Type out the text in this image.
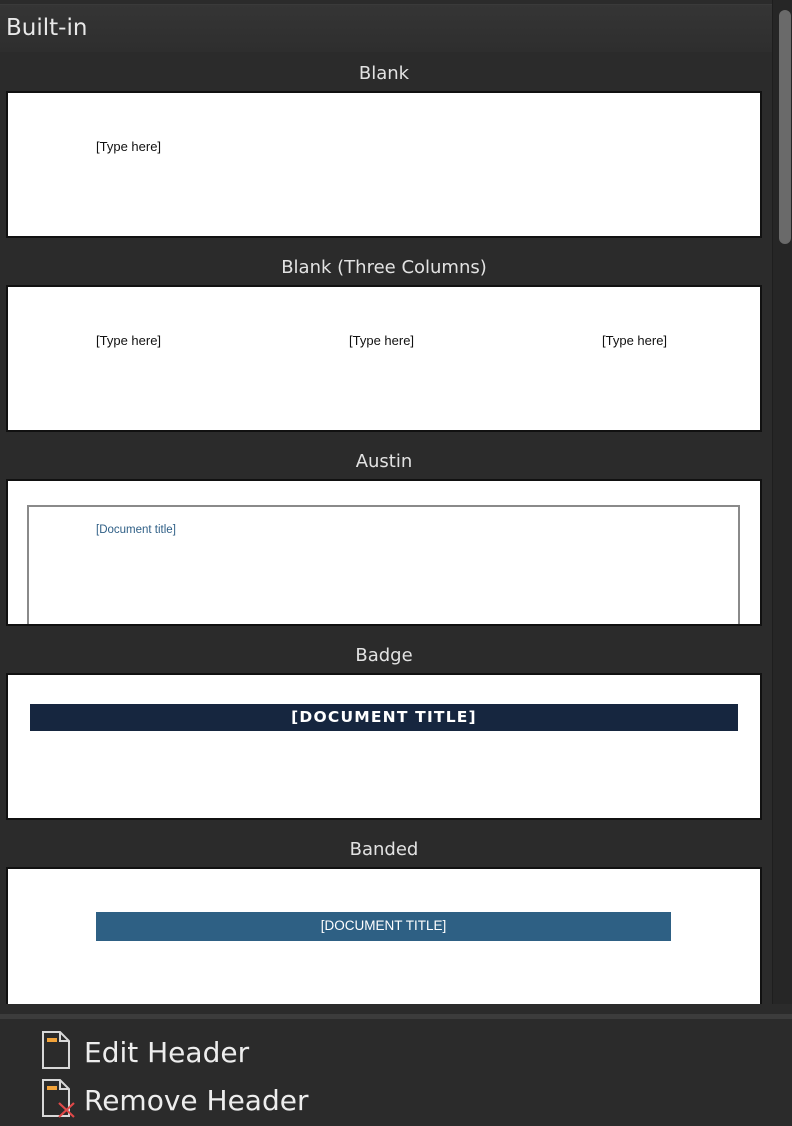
Built-in
Blank
[Type here]
Blank (Three Columns)
[Type here]	[Type here]	[Type here]
Austin
[Document title]
Badge
[DOCUMENT TITLE]
Banded
[DOCUMENT TITLE]
Edit Header
Remove Header
